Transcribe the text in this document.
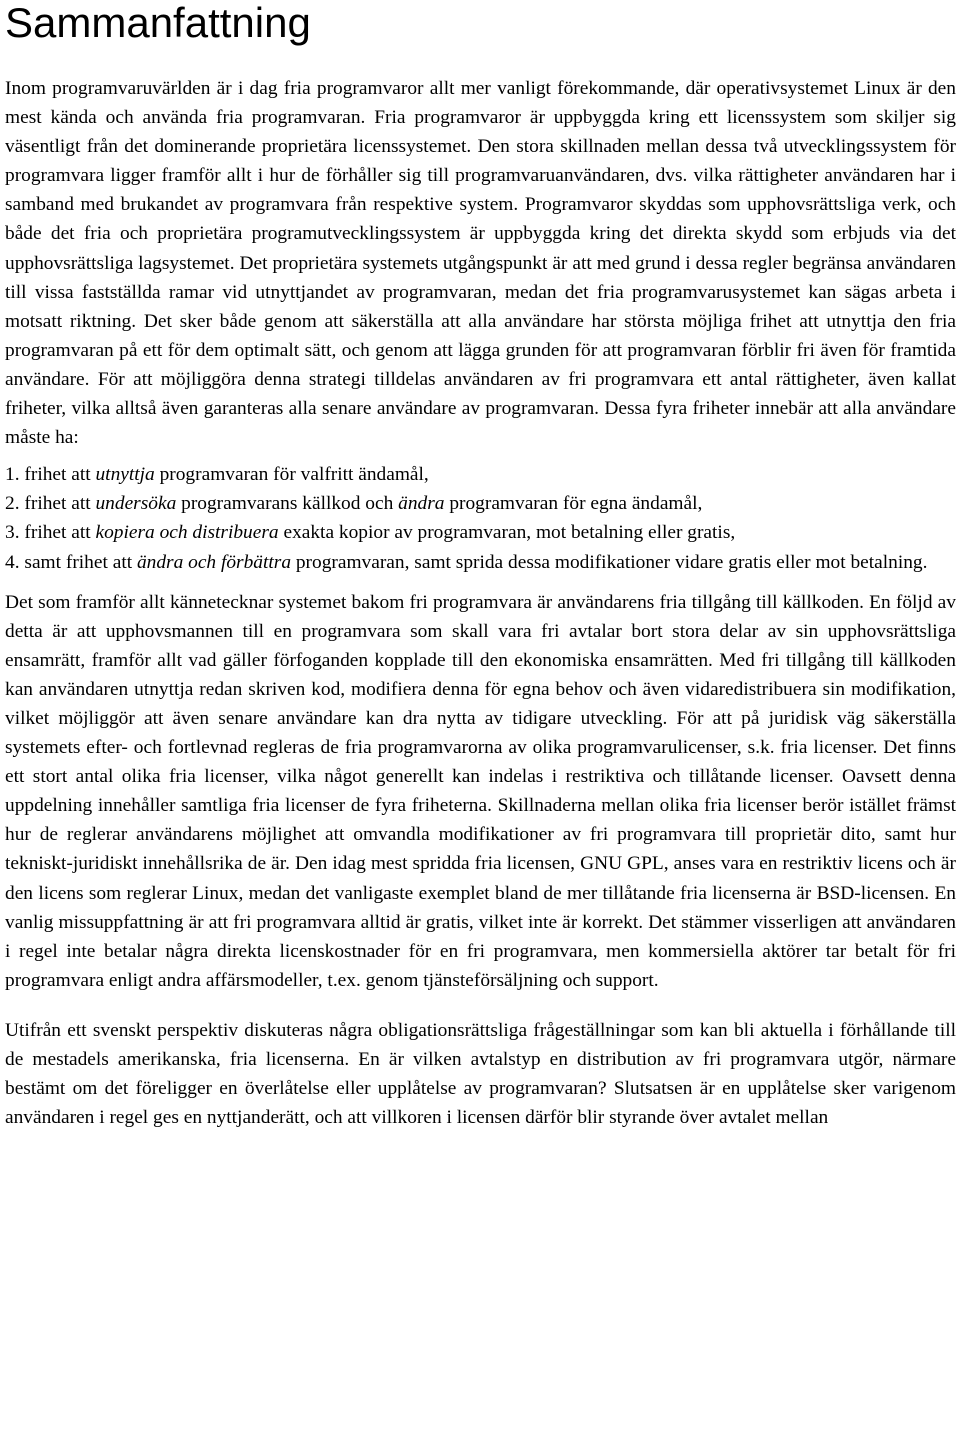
Sammanfattning

Inom programvaruvärlden är i dag fria programvaror allt mer vanligt förekommande, där operativsystemet Linux är den mest kända och använda fria programvaran. Fria programvaror är uppbyggda kring ett licenssystem som skiljer sig väsentligt från det dominerande proprietära licenssystemet. Den stora skillnaden mellan dessa två utvecklingssystem för programvara ligger framför allt i hur de förhåller sig till programvaruanvändaren, dvs. vilka rättigheter användaren har i samband med brukandet av programvara från respektive system. Programvaror skyddas som upphovsrättsliga verk, och både det fria och proprietära programutvecklingssystem är uppbyggda kring det direkta skydd som erbjuds via det upphovsrättsliga lagsystemet. Det proprietära systemets utgångspunkt är att med grund i dessa regler begränsa användaren till vissa fastställda ramar vid utnyttjandet av programvaran, medan det fria programvarusystemet kan sägas arbeta i motsatt riktning. Det sker både genom att säkerställa att alla användare har största möjliga frihet att utnyttja den fria programvaran på ett för dem optimalt sätt, och genom att lägga grunden för att programvaran förblir fri även för framtida användare. För att möjliggöra denna strategi tilldelas användaren av fri programvara ett antal rättigheter, även kallat friheter, vilka alltså även garanteras alla senare användare av programvaran. Dessa fyra friheter innebär att alla användare måste ha:

1. frihet att utnyttja programvaran för valfritt ändamål,

2. frihet att undersöka programvarans källkod och ändra programvaran för egna ändamål,

3. frihet att kopiera och distribuera exakta kopior av programvaran, mot betalning eller gratis,

4. samt frihet att ändra och förbättra programvaran, samt sprida dessa modifikationer vidare gratis eller mot betalning.

Det som framför allt kännetecknar systemet bakom fri programvara är användarens fria tillgång till källkoden. En följd av detta är att upphovsmannen till en programvara som skall vara fri avtalar bort stora delar av sin upphovsrättsliga ensamrätt, framför allt vad gäller förfoganden kopplade till den ekonomiska ensamrätten. Med fri tillgång till källkoden kan användaren utnyttja redan skriven kod, modifiera denna för egna behov och även vidaredistribuera sin modifikation, vilket möjliggör att även senare användare kan dra nytta av tidigare utveckling. För att på juridisk väg säkerställa systemets efter- och fortlevnad regleras de fria programvarorna av olika programvarulicenser, s.k. fria licenser. Det finns ett stort antal olika fria licenser, vilka något generellt kan indelas i restriktiva och tillåtande licenser. Oavsett denna uppdelning innehåller samtliga fria licenser de fyra friheterna. Skillnaderna mellan olika fria licenser berör istället främst hur de reglerar användarens möjlighet att omvandla modifikationer av fri programvara till proprietär dito, samt hur tekniskt-juridiskt innehållsrika de är. Den idag mest spridda fria licensen, GNU GPL, anses vara en restriktiv licens och är den licens som reglerar Linux, medan det vanligaste exemplet bland de mer tillåtande fria licenserna är BSD-licensen. En vanlig missuppfattning är att fri programvara alltid är gratis, vilket inte är korrekt. Det stämmer visserligen att användaren i regel inte betalar några direkta licenskostnader för en fri programvara, men kommersiella aktörer tar betalt för fri programvara enligt andra affärsmodeller, t.ex. genom tjänsteförsäljning och support.

Utifrån ett svenskt perspektiv diskuteras några obligationsrättsliga frågeställningar som kan bli aktuella i förhållande till de mestadels amerikanska, fria licenserna. En är vilken avtalstyp en distribution av fri programvara utgör, närmare bestämt om det föreligger en överlåtelse eller upplåtelse av programvaran? Slutsatsen är en upplåtelse sker varigenom användaren i regel ges en nyttjanderätt, och att villkoren i licensen därför blir styrande över avtalet mellan
